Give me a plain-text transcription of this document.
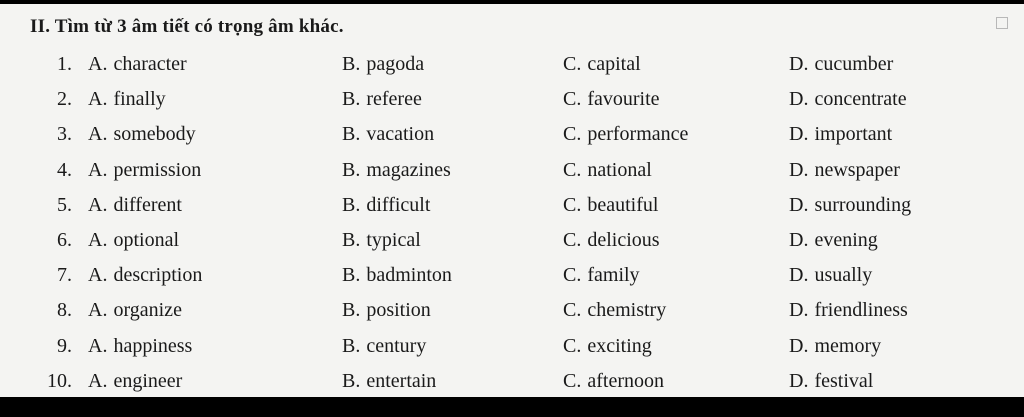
II. Tìm từ 3 âm tiết có trọng âm khác.
1. A. character	B. pagoda	C. capital	D. cucumber
2. A. finally	B. referee	C. favourite	D. concentrate
3. A. somebody	B. vacation	C. performance	D. important
4. A. permission	B. magazines	C. national	D. newspaper
5. A. different	B. difficult	C. beautiful	D. surrounding
6. A. optional	B. typical	C. delicious	D. evening
7. A. description	B. badminton	C. family	D. usually
8. A. organize	B. position	C. chemistry	D. friendliness
9. A. happiness	B. century	C. exciting	D. memory
10. A. engineer	B. entertain	C. afternoon	D. festival
